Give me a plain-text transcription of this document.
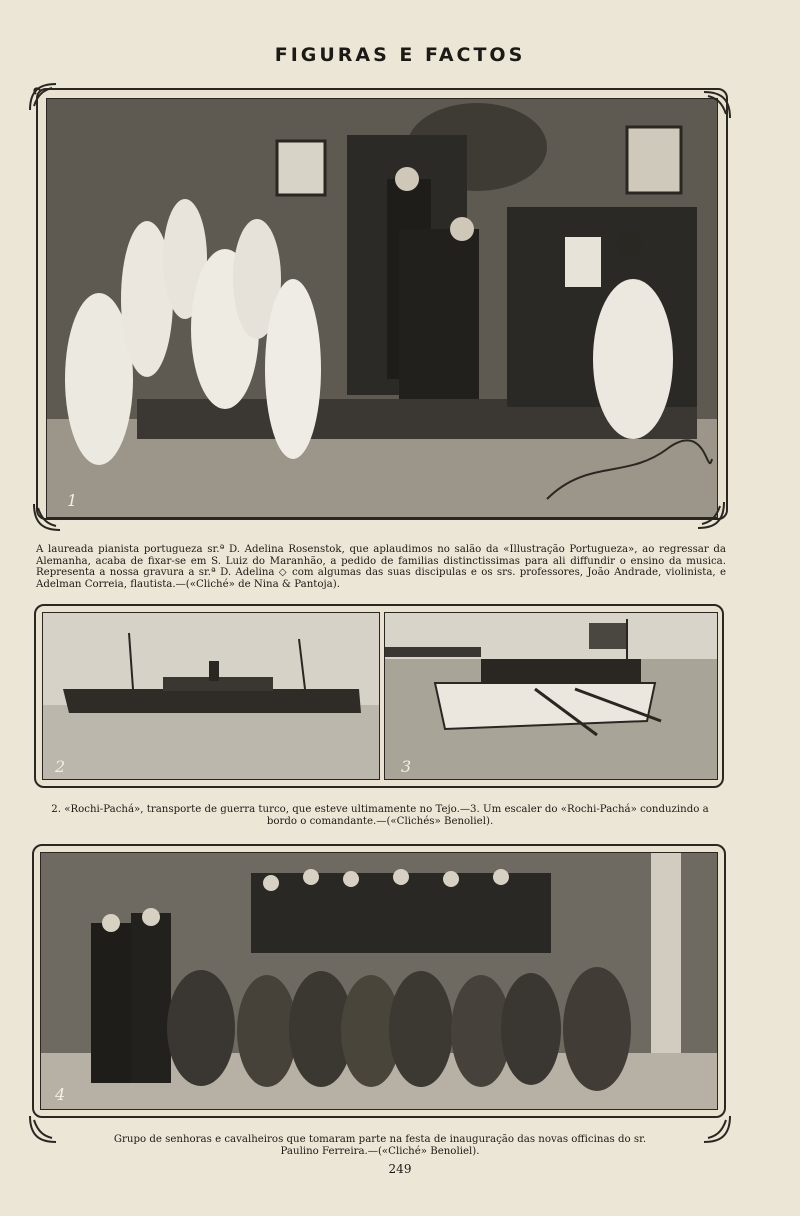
FIGURAS E FACTOS
1
A laureada pianista portugueza sr.ª D. Adelina Rosenstok, que aplaudimos no salão da «Illustração Portugueza», ao regressar da Alemanha, acaba de fixar-se em S. Luiz do Maranhão, a pedido de familias distinctissimas para ali diffundir o ensino da musica. Representa a nossa gravura a sr.ª D. Adelina ◇ com algumas das suas discipulas e os srs. professores, João Andrade, violinista, e Adelman Correia, flautista.—(«Cliché» de Nina & Pantoja).
2	3
2. «Rochi-Pachá», transporte de guerra turco, que esteve ultimamente no Tejo.—3. Um escaler do «Rochi-Pachá» conduzindo a bordo o comandante.—(«Clichés» Benoliel).
4
Grupo de senhoras e cavalheiros que tomaram parte na festa de inauguração das novas officinas do sr. Paulino Ferreira.—(«Cliché» Benoliel).
249
